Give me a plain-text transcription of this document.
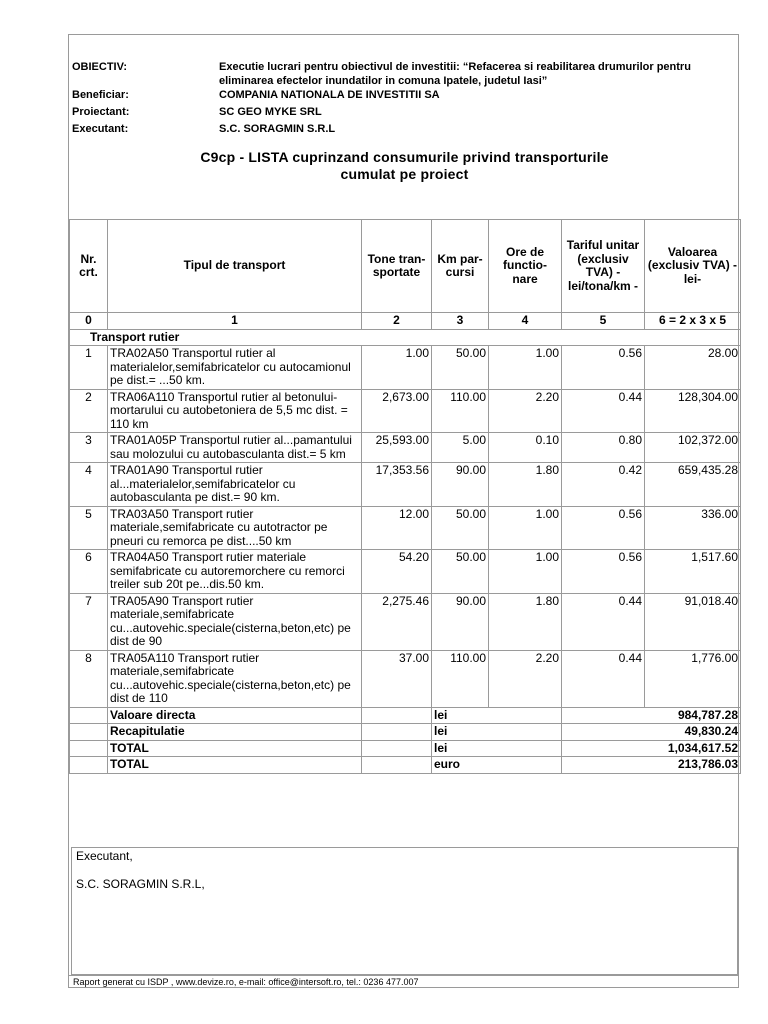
OBIECTIV:	Executie lucrari pentru obiectivul de investitii: “Refacerea si reabilitarea drumurilor pentru eliminarea efectelor inundatilor in comuna Ipatele, judetul Iasi”
Beneficiar:	COMPANIA NATIONALA DE INVESTITII SA
Proiectant:	SC GEO MYKE SRL
Executant:	S.C. SORAGMIN S.R.L
C9cp - LISTA cuprinzand consumurile privind transporturile
cumulat pe proiect
Nr. crt.	Tipul de transport	Tone tran- sportate	Km par- cursi	Ore de functio- nare	Tariful unitar (exclusiv TVA) -lei/tona/km -	Valoarea (exclusiv TVA) -lei-
0	1	2	3	4	5	6 = 2 x 3 x 5
Transport rutier						
1	TRA02A50 Transportul rutier al materialelor,semifabricatelor cu autocamionul pe dist.= ...50 km.	1.00	50.00	1.00	0.56	28.00
2	TRA06A110 Transportul rutier al betonului-mortarului cu autobetoniera de 5,5 mc dist. = 110 km	2,673.00	110.00	2.20	0.44	128,304.00
3	TRA01A05P Transportul rutier al...pamantului sau molozului cu autobasculanta dist.= 5 km	25,593.00	5.00	0.10	0.80	102,372.00
4	TRA01A90 Transportul rutier al...materialelor,semifabricatelor cu autobasculanta pe dist.= 90 km.	17,353.56	90.00	1.80	0.42	659,435.28
5	TRA03A50 Transport rutier materiale,semifabricate cu autotractor pe pneuri cu remorca pe dist....50 km	12.00	50.00	1.00	0.56	336.00
6	TRA04A50 Transport rutier materiale semifabricate cu autoremorchere cu remorci treiler sub 20t pe...dis.50 km.	54.20	50.00	1.00	0.56	1,517.60
7	TRA05A90 Transport rutier materiale,semifabricate cu...autovehic.speciale(cisterna,beton,etc) pe dist de 90	2,275.46	90.00	1.80	0.44	91,018.40
8	TRA05A110 Transport rutier materiale,semifabricate cu...autovehic.speciale(cisterna,beton,etc) pe dist de 110	37.00	110.00	2.20	0.44	1,776.00
	Valoare directa		lei		984,787.28	
	Recapitulatie		lei		49,830.24	
	TOTAL		lei		1,034,617.52	
	TOTAL		euro		213,786.03	
Executant,
S.C. SORAGMIN S.R.L,
Raport generat cu ISDP , www.devize.ro, e-mail: office@intersoft.ro, tel.: 0236 477.007
